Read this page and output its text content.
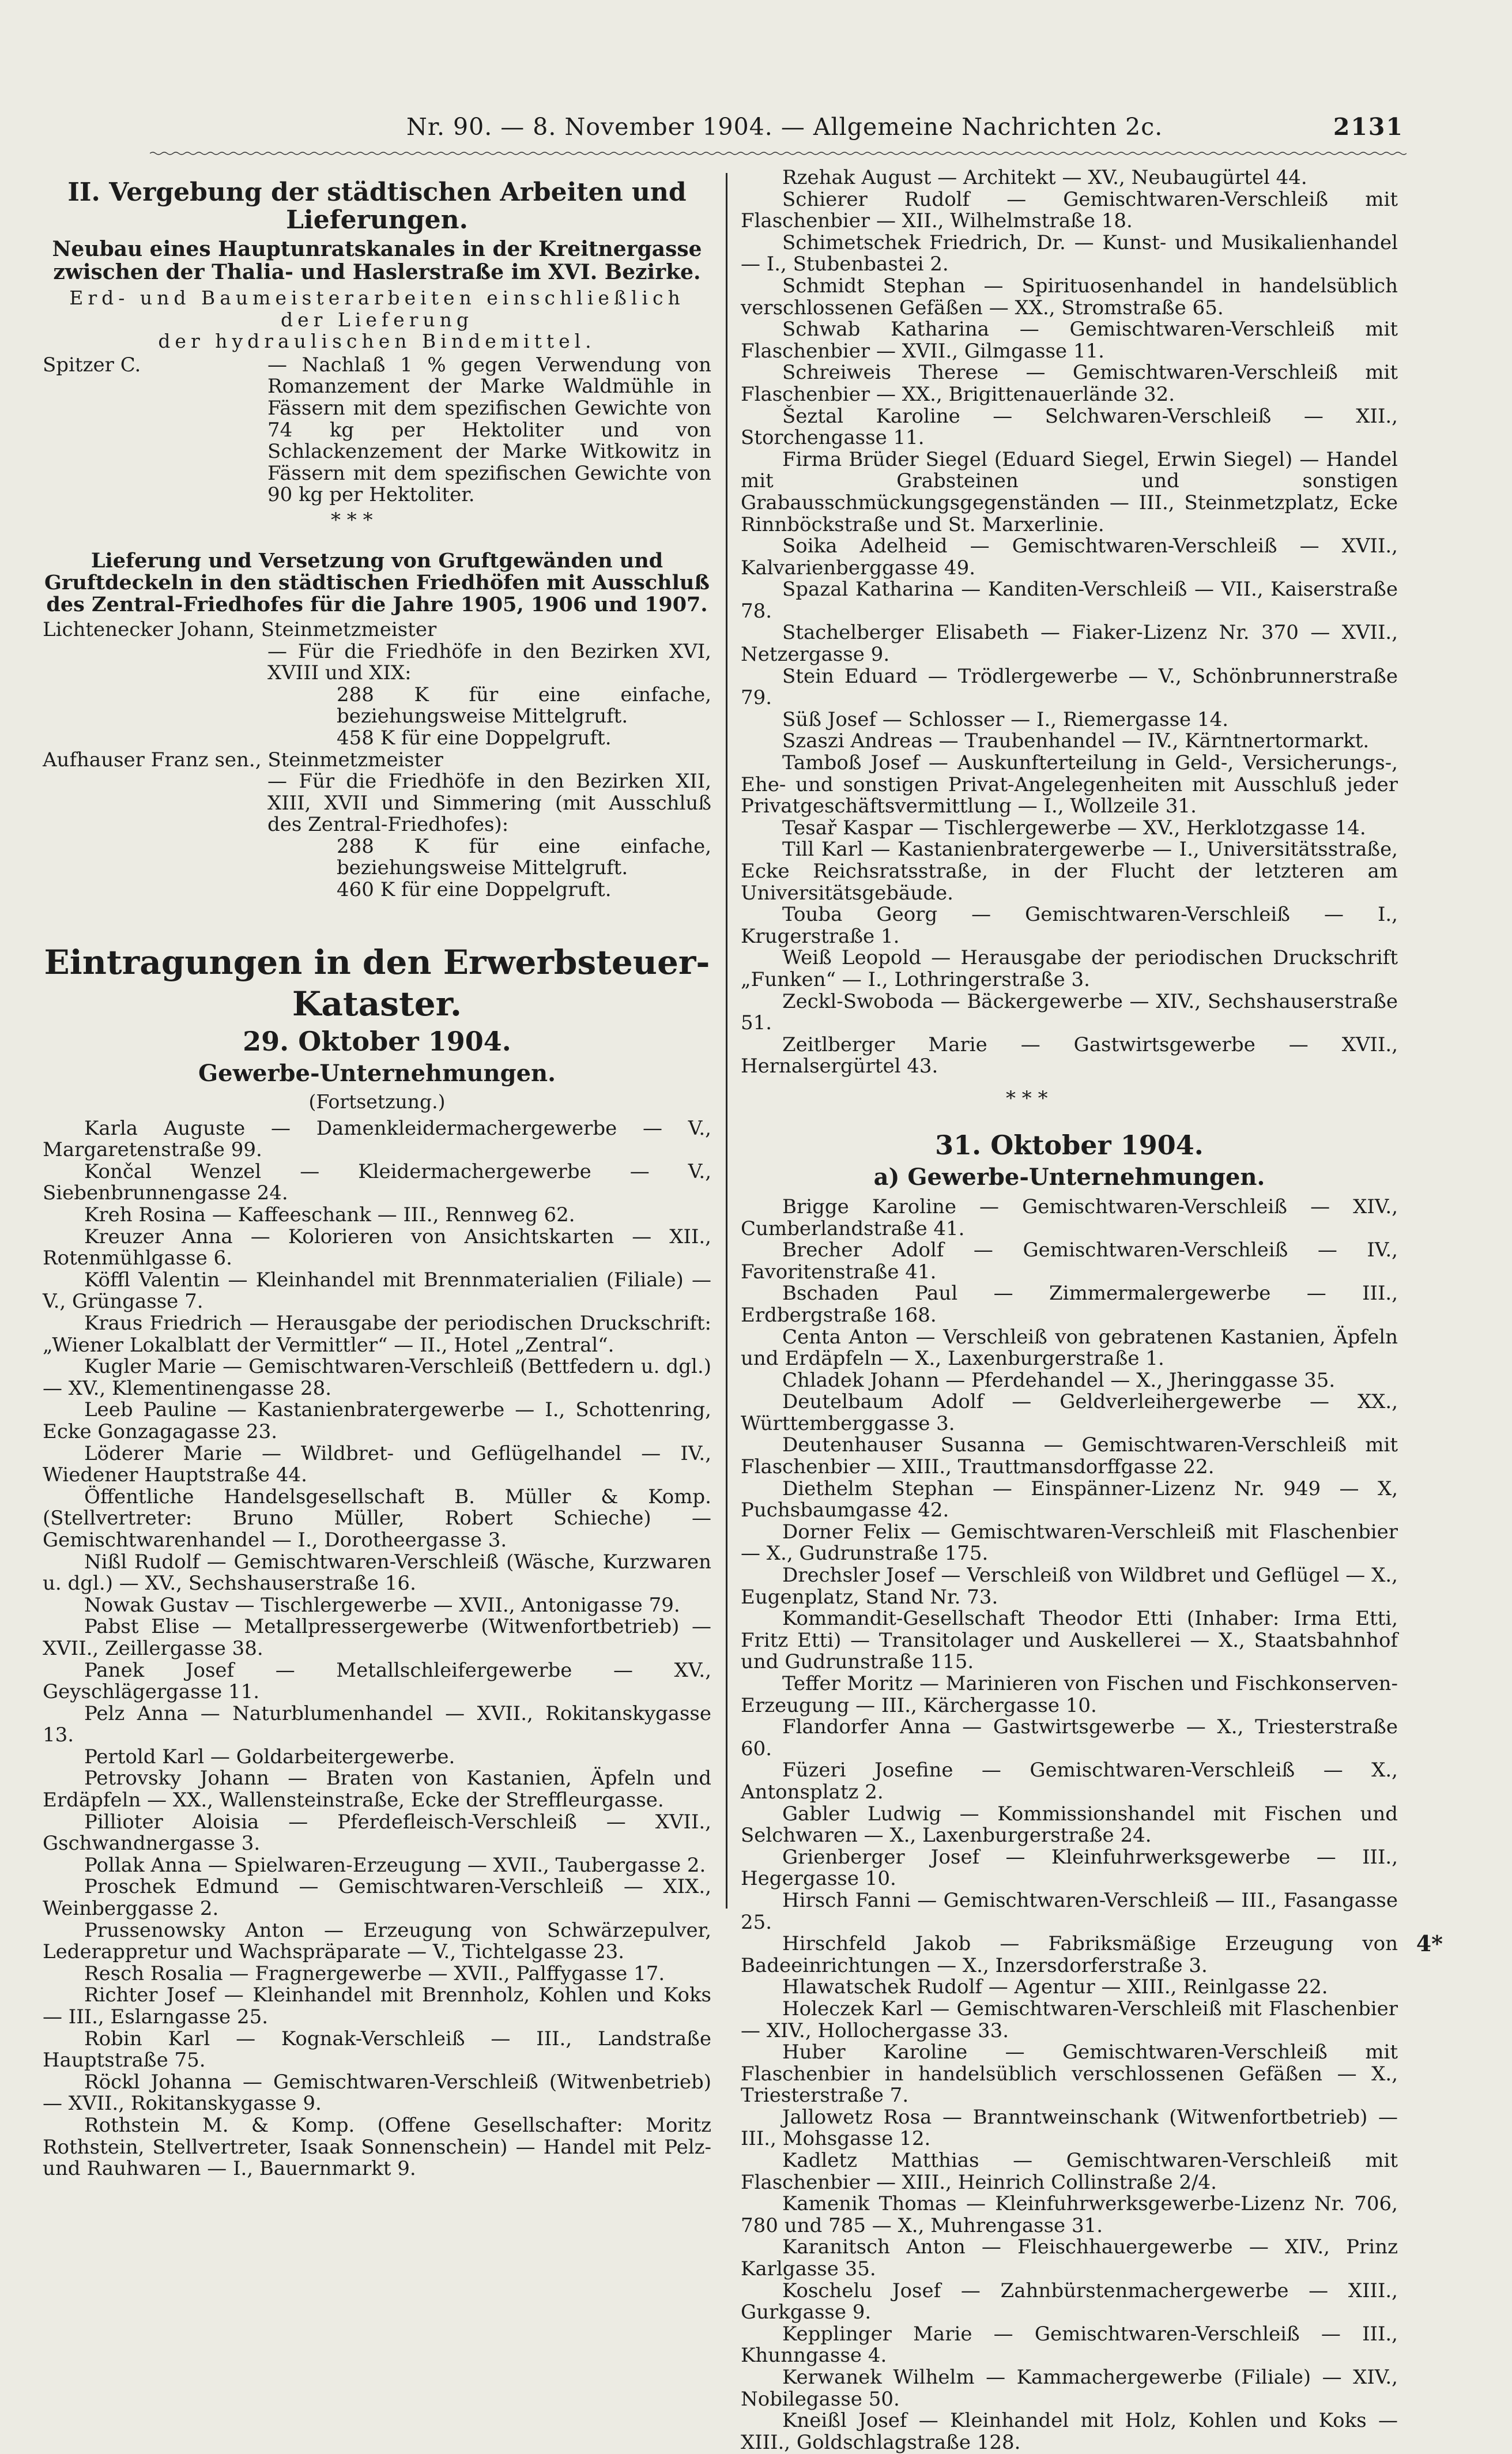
Nr. 90. — 8. November 1904. — Allgemeine Nachrichten 2c.	2131
II. Vergebung der städtischen Arbeiten und Lieferungen.
Neubau eines Hauptunratskanales in der Kreitnergasse zwischen der Thalia- und Haslerstraße im XVI. Bezirke.
Erd- und Baumeisterarbeiten einschließlich der Lieferung
der hydraulischen Bindemittel.
Spitzer C.	— Nachlaß 1 % gegen Verwendung von Romanzement der Marke Waldmühle in Fässern mit dem spezifischen Gewichte von 74 kg per Hektoliter und von Schlackenzement der Marke Witkowitz in Fässern mit dem spezifischen Gewichte von 90 kg per Hektoliter.
* * *
Lieferung und Versetzung von Gruftgewänden und Gruftdeckeln in den städtischen Friedhöfen mit Ausschluß des Zentral-Friedhofes für die Jahre 1905, 1906 und 1907.

Lichtenecker Johann, Steinmetzmeister

— Für die Friedhöfe in den Bezirken XVI, XVIII und XIX:

288 K für eine einfache, beziehungsweise Mittelgruft.

458 K für eine Doppelgruft.

Aufhauser Franz sen., Steinmetzmeister

— Für die Friedhöfe in den Bezirken XII, XIII, XVII und Simmering (mit Ausschluß des Zentral-Friedhofes):

288 K für eine einfache, beziehungsweise Mittelgruft.

460 K für eine Doppelgruft.

Eintragungen in den Erwerbsteuer-Kataster.
29. Oktober 1904.
Gewerbe-Unternehmungen.
(Fortsetzung.)

Karla Auguste — Damenkleidermachergewerbe — V., Margaretenstraße 99.

Končal Wenzel — Kleidermachergewerbe — V., Siebenbrunnengasse 24.

Kreh Rosina — Kaffeeschank — III., Rennweg 62.

Kreuzer Anna — Kolorieren von Ansichtskarten — XII., Rotenmühlgasse 6.

Köffl Valentin — Kleinhandel mit Brennmaterialien (Filiale) — V., Grüngasse 7.

Kraus Friedrich — Herausgabe der periodischen Druckschrift: „Wiener Lokalblatt der Vermittler“ — II., Hotel „Zentral“.

Kugler Marie — Gemischtwaren-Verschleiß (Bettfedern u. dgl.) — XV., Klementinengasse 28.

Leeb Pauline — Kastanienbratergewerbe — I., Schottenring, Ecke Gonzagagasse 23.

Löderer Marie — Wildbret- und Geflügelhandel — IV., Wiedener Hauptstraße 44.

Öffentliche Handelsgesellschaft B. Müller & Komp. (Stellvertreter: Bruno Müller, Robert Schieche) — Gemischtwarenhandel — I., Dorotheergasse 3.

Nißl Rudolf — Gemischtwaren-Verschleiß (Wäsche, Kurzwaren u. dgl.) — XV., Sechshauserstraße 16.

Nowak Gustav — Tischlergewerbe — XVII., Antonigasse 79.

Pabst Elise — Metallpressergewerbe (Witwenfortbetrieb) — XVII., Zeillergasse 38.

Panek Josef — Metallschleifergewerbe — XV., Geyschlägergasse 11.

Pelz Anna — Naturblumenhandel — XVII., Rokitanskygasse 13.

Pertold Karl — Goldarbeitergewerbe.

Petrovsky Johann — Braten von Kastanien, Äpfeln und Erdäpfeln — XX., Wallensteinstraße, Ecke der Streffleurgasse.

Pillioter Aloisia — Pferdefleisch-Verschleiß — XVII., Gschwandnergasse 3.

Pollak Anna — Spielwaren-Erzeugung — XVII., Taubergasse 2.

Proschek Edmund — Gemischtwaren-Verschleiß — XIX., Weinberggasse 2.

Prussenowsky Anton — Erzeugung von Schwärzepulver, Lederappretur und Wachspräparate — V., Tichtelgasse 23.

Resch Rosalia — Fragnergewerbe — XVII., Palffygasse 17.

Richter Josef — Kleinhandel mit Brennholz, Kohlen und Koks — III., Eslarngasse 25.

Robin Karl — Kognak-Verschleiß — III., Landstraße Hauptstraße 75.

Röckl Johanna — Gemischtwaren-Verschleiß (Witwenbetrieb) — XVII., Rokitanskygasse 9.

Rothstein M. & Komp. (Offene Gesellschafter: Moritz Rothstein, Stellvertreter, Isaak Sonnenschein) — Handel mit Pelz- und Rauhwaren — I., Bauernmarkt 9.

Rzehak August — Architekt — XV., Neubaugürtel 44.

Schierer Rudolf — Gemischtwaren-Verschleiß mit Flaschenbier — XII., Wilhelmstraße 18.

Schimetschek Friedrich, Dr. — Kunst- und Musikalienhandel — I., Stubenbastei 2.

Schmidt Stephan — Spirituosenhandel in handelsüblich verschlossenen Gefäßen — XX., Stromstraße 65.

Schwab Katharina — Gemischtwaren-Verschleiß mit Flaschenbier — XVII., Gilmgasse 11.

Schreiweis Therese — Gemischtwaren-Verschleiß mit Flaschenbier — XX., Brigittenauerlände 32.

Šeztal Karoline — Selchwaren-Verschleiß — XII., Storchengasse 11.

Firma Brüder Siegel (Eduard Siegel, Erwin Siegel) — Handel mit Grabsteinen und sonstigen Grabausschmückungsgegenständen — III., Steinmetzplatz, Ecke Rinnböckstraße und St. Marxerlinie.

Soika Adelheid — Gemischtwaren-Verschleiß — XVII., Kalvarienberggasse 49.

Spazal Katharina — Kanditen-Verschleiß — VII., Kaiserstraße 78.

Stachelberger Elisabeth — Fiaker-Lizenz Nr. 370 — XVII., Netzergasse 9.

Stein Eduard — Trödlergewerbe — V., Schönbrunnerstraße 79.

Süß Josef — Schlosser — I., Riemergasse 14.

Szaszi Andreas — Traubenhandel — IV., Kärntnertormarkt.

Tamboß Josef — Auskunfterteilung in Geld-, Versicherungs-, Ehe- und sonstigen Privat-Angelegenheiten mit Ausschluß jeder Privatgeschäftsvermittlung — I., Wollzeile 31.

Tesař Kaspar — Tischlergewerbe — XV., Herklotzgasse 14.

Till Karl — Kastanienbratergewerbe — I., Universitätsstraße, Ecke Reichsratsstraße, in der Flucht der letzteren am Universitätsgebäude.

Touba Georg — Gemischtwaren-Verschleiß — I., Krugerstraße 1.

Weiß Leopold — Herausgabe der periodischen Druckschrift „Funken“ — I., Lothringerstraße 3.

Zeckl-Swoboda — Bäckergewerbe — XIV., Sechshauserstraße 51.

Zeitlberger Marie — Gastwirtsgewerbe — XVII., Hernalsergürtel 43.

* * *
31. Oktober 1904.
a) Gewerbe-Unternehmungen.

Brigge Karoline — Gemischtwaren-Verschleiß — XIV., Cumberlandstraße 41.

Brecher Adolf — Gemischtwaren-Verschleiß — IV., Favoritenstraße 41.

Bschaden Paul — Zimmermalergewerbe — III., Erdbergstraße 168.

Centa Anton — Verschleiß von gebratenen Kastanien, Äpfeln und Erdäpfeln — X., Laxenburgerstraße 1.

Chladek Johann — Pferdehandel — X., Jheringgasse 35.

Deutelbaum Adolf — Geldverleihergewerbe — XX., Württemberggasse 3.

Deutenhauser Susanna — Gemischtwaren-Verschleiß mit Flaschenbier — XIII., Trauttmansdorffgasse 22.

Diethelm Stephan — Einspänner-Lizenz Nr. 949 — X, Puchsbaumgasse 42.

Dorner Felix — Gemischtwaren-Verschleiß mit Flaschenbier — X., Gudrunstraße 175.

Drechsler Josef — Verschleiß von Wildbret und Geflügel — X., Eugenplatz, Stand Nr. 73.

Kommandit-Gesellschaft Theodor Etti (Inhaber: Irma Etti, Fritz Etti) — Transitolager und Auskellerei — X., Staatsbahnhof und Gudrunstraße 115.

Teffer Moritz — Marinieren von Fischen und Fischkonserven-Erzeugung — III., Kärchergasse 10.

Flandorfer Anna — Gastwirtsgewerbe — X., Triesterstraße 60.

Füzeri Josefine — Gemischtwaren-Verschleiß — X., Antonsplatz 2.

Gabler Ludwig — Kommissionshandel mit Fischen und Selchwaren — X., Laxenburgerstraße 24.

Grienberger Josef — Kleinfuhrwerksgewerbe — III., Hegergasse 10.

Hirsch Fanni — Gemischtwaren-Verschleiß — III., Fasangasse 25.

Hirschfeld Jakob — Fabriksmäßige Erzeugung von Badeeinrichtungen — X., Inzersdorferstraße 3.

Hlawatschek Rudolf — Agentur — XIII., Reinlgasse 22.

Holeczek Karl — Gemischtwaren-Verschleiß mit Flaschenbier — XIV., Hollochergasse 33.

Huber Karoline — Gemischtwaren-Verschleiß mit Flaschenbier in handelsüblich verschlossenen Gefäßen — X., Triesterstraße 7.

Jallowetz Rosa — Branntweinschank (Witwenfortbetrieb) — III., Mohsgasse 12.

Kadletz Matthias — Gemischtwaren-Verschleiß mit Flaschenbier — XIII., Heinrich Collinstraße 2/4.

Kamenik Thomas — Kleinfuhrwerksgewerbe-Lizenz Nr. 706, 780 und 785 — X., Muhrengasse 31.

Karanitsch Anton — Fleischhauergewerbe — XIV., Prinz Karlgasse 35.

Koschelu Josef — Zahnbürstenmachergewerbe — XIII., Gurkgasse 9.

Kepplinger Marie — Gemischtwaren-Verschleiß — III., Khunngasse 4.

Kerwanek Wilhelm — Kammachergewerbe (Filiale) — XIV., Nobilegasse 50.

Kneißl Josef — Kleinhandel mit Holz, Kohlen und Koks — XIII., Goldschlagstraße 128.

4*
